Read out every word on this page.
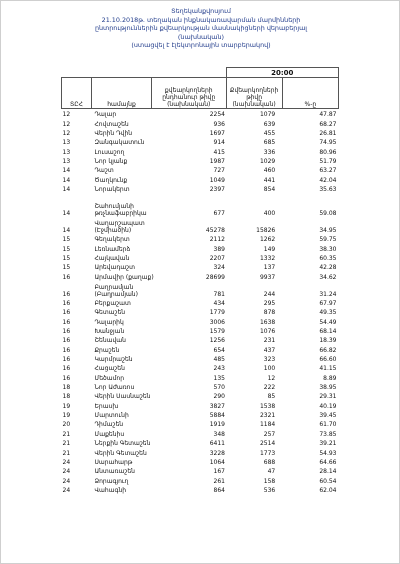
Տեղեկանքվոսյում
21.10.2018թ. տեղական ինքնակառավարման մարմինների
ընտրություններին քվեարկության մասնակիցների վերաբերյալ
(նախնական)
(ստացվել է էլեկտրոնային տարբերակով)
			20:00	
ՏԸՀ	համայնք	քվեարկողների ընդհանուր թիվը (նախնական)	Քվեարկողների թիվը (նախնական)	%-ը
12	Դալար	2254	1079	47.87
12	Հովտաշեն	936	639	68.27
12	Վերին Դվին	1697	455	26.81
13	Զանգակատուն	914	685	74.95
13	Լուսաշող	415	336	80.96
13	Նոր կյանք	1987	1029	51.79
14	Դաշտ	727	460	63.27
14	Ծաղկունք	1049	441	42.04
14	Նորակերտ	2397	854	35.63
14	Շահումյանի թռչնաֆաբրիկա	677	400	59.08
14	Վաղարշապատ (Էջմիածին)	45278	15826	34.95
15	Գեղակերտ	2112	1262	59.75
15	Լեռնամերձ	389	149	38.30
15	Հայկավան	2207	1332	60.35
15	Արեվադաշտ	324	137	42.28
16	Արմավիր (քաղաք)	28699	9937	34.62
16	Բաղրամյան (Բաղրամյան)	781	244	31.24
16	Բերքաշատ	434	295	67.97
16	Գետաշեն	1779	878	49.35
16	Դալարիկ	3006	1638	54.49
16	Խանջյան	1579	1076	68.14
16	Շենավան	1256	231	18.39
16	Քրաշեն	654	437	66.82
16	Կարմրաշեն	485	323	66.60
16	Հացաշեն	243	100	41.15
16	Մեծամոր	135	12	8.89
18	Նոր Աժառոս	570	222	38.95
18	Վերին Սասնաշեն	290	85	29.31
19	Երասխ	3827	1538	40.19
19	Մարտունի	5884	2321	39.45
20	Դիմաշեն	1919	1184	61.70
21	Մաքենիս	348	257	73.85
21	Ներքին Գետաշեն	6411	2514	39.21
21	Վերին Գետաշեն	3228	1773	54.93
24	Սարահարթ	1064	688	64.66
24	Անտառաշեն	167	47	28.14
24	Ձորագյուղ	261	158	60.54
24	Վահագնի	864	536	62.04
